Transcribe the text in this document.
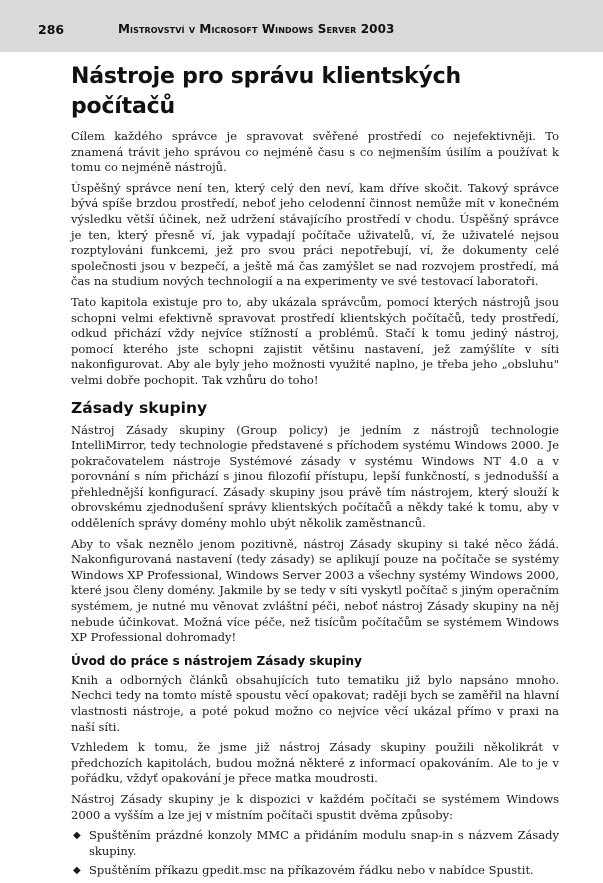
286	Mistrovství v Microsoft Windows Server 2003
Nástroje pro správu klientských počítačů

Cílem každého správce je spravovat svěřené prostředí co nejefektivněji. To znamená trávit jeho správou co nejméně času s co nejmenším úsilím a používat k tomu co nejméně nástrojů.

Úspěšný správce není ten, který celý den neví, kam dříve skočit. Takový správce bývá spíše brzdou prostředí, neboť jeho celodenní činnost nemůže mít v konečném výsledku větší účinek, než udržení stávajícího prostředí v chodu. Úspěšný správce je ten, který přesně ví, jak vypadají počítače uživatelů, ví, že uživatelé nejsou rozptylováni funkcemi, jež pro svou práci nepotřebují, ví, že dokumenty celé společnosti jsou v bezpečí, a ještě má čas zamýšlet se nad rozvojem prostředí, má čas na studium nových technologií a na experimenty ve své testovací laboratoři.

Tato kapitola existuje pro to, aby ukázala správcům, pomocí kterých nástrojů jsou schopni velmi efektivně spravovat prostředí klientských počítačů, tedy prostředí, odkud přichází vždy nejvíce stížností a problémů. Stačí k tomu jediný nástroj, pomocí kterého jste schopni zajistit většinu nastavení, jež zamýšlíte v síti nakonfigurovat. Aby ale byly jeho možnosti využité naplno, je třeba jeho „obsluhu" velmi dobře pochopit. Tak vzhůru do toho!

Zásady skupiny

Nástroj Zásady skupiny (Group policy) je jedním z nástrojů technologie IntelliMirror, tedy technologie představené s příchodem systému Windows 2000. Je pokračovatelem nástroje Systémové zásady v systému Windows NT 4.0 a v porovnání s ním přichází s jinou filozofií přístupu, lepší funkčností, s jednodušší a přehlednější konfigurací. Zásady skupiny jsou právě tím nástrojem, který slouží k obrovskému zjednodušení správy klientských počítačů a někdy také k tomu, aby v odděleních správy domény mohlo ubýt několik zaměstnanců.

Aby to však neznělo jenom pozitivně, nástroj Zásady skupiny si také něco žádá. Nakonfigurovaná nastavení (tedy zásady) se aplikují pouze na počítače se systémy Windows XP Professional, Windows Server 2003 a všechny systémy Windows 2000, které jsou členy domény. Jakmile by se tedy v síti vyskytl počítač s jiným operačním systémem, je nutné mu věnovat zvláštní péči, neboť nástroj Zásady skupiny na něj nebude účinkovat. Možná více péče, než tisícům počítačům se systémem Windows XP Professional dohromady!

Úvod do práce s nástrojem Zásady skupiny

Knih a odborných článků obsahujících tuto tematiku již bylo napsáno mnoho. Nechci tedy na tomto místě spoustu věcí opakovat; raději bych se zaměřil na hlavní vlastnosti nástroje, a poté pokud možno co nejvíce věcí ukázal přímo v praxi na naší síti.

Vzhledem k tomu, že jsme již nástroj Zásady skupiny použili několikrát v předchozích kapitolách, budou možná některé z informací opakováním. Ale to je v pořádku, vždyť opakování je přece matka moudrosti.

Nástroj Zásady skupiny je k dispozici v každém počítači se systémem Windows 2000 a vyšším a lze jej v místním počítači spustit dvěma způsoby:

◆ Spuštěním prázdné konzoly MMC a přidáním modulu snap-in s názvem Zásady skupiny.
◆ Spuštěním příkazu gpedit.msc na příkazovém řádku nebo v nabídce Spustit.
